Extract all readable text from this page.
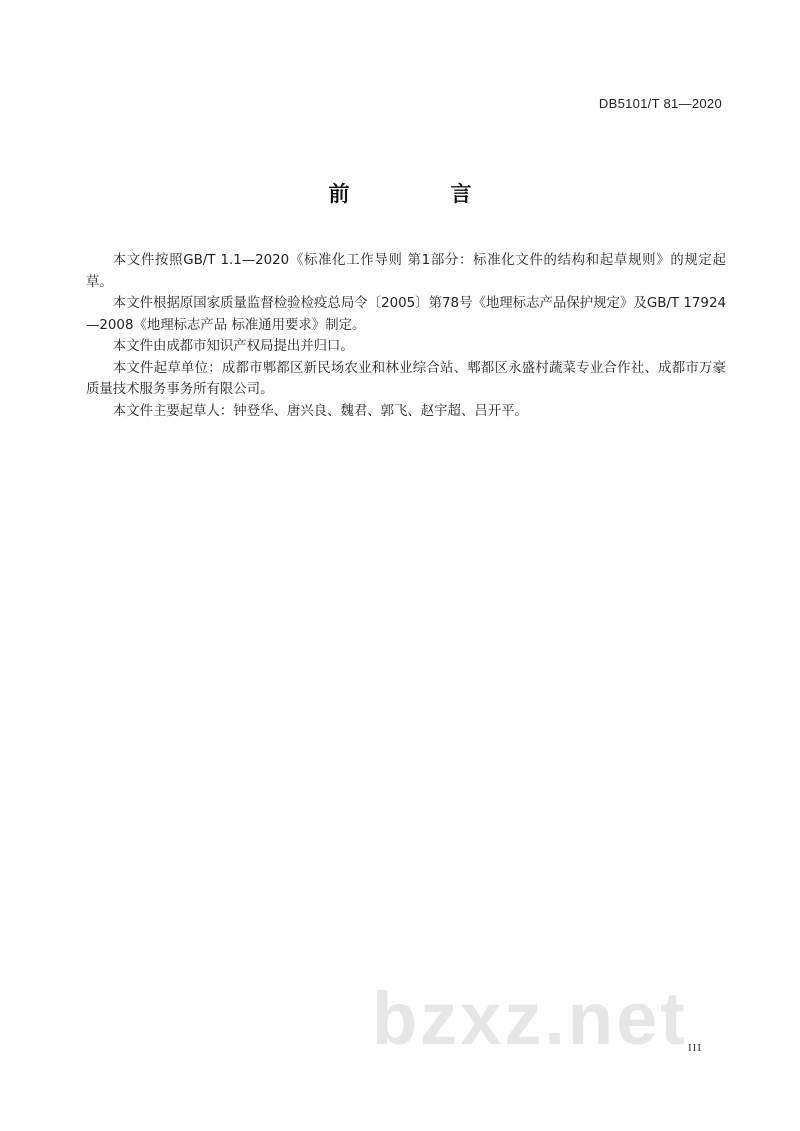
DB5101/T 81—2020
前　言

本文件按照GB/T 1.1—2020《标准化工作导则 第1部分：标准化文件的结构和起草规则》的规定起草。

本文件根据原国家质量监督检验检疫总局令〔2005〕第78号《地理标志产品保护规定》及GB/T 17924—2008《地理标志产品 标准通用要求》制定。

本文件由成都市知识产权局提出并归口。

本文件起草单位：成都市郫都区新民场农业和林业综合站、郫都区永盛村蔬菜专业合作社、成都市万豪质量技术服务事务所有限公司。

本文件主要起草人：钟登华、唐兴良、魏君、郭飞、赵宇超、吕开平。

bzxz.net III
